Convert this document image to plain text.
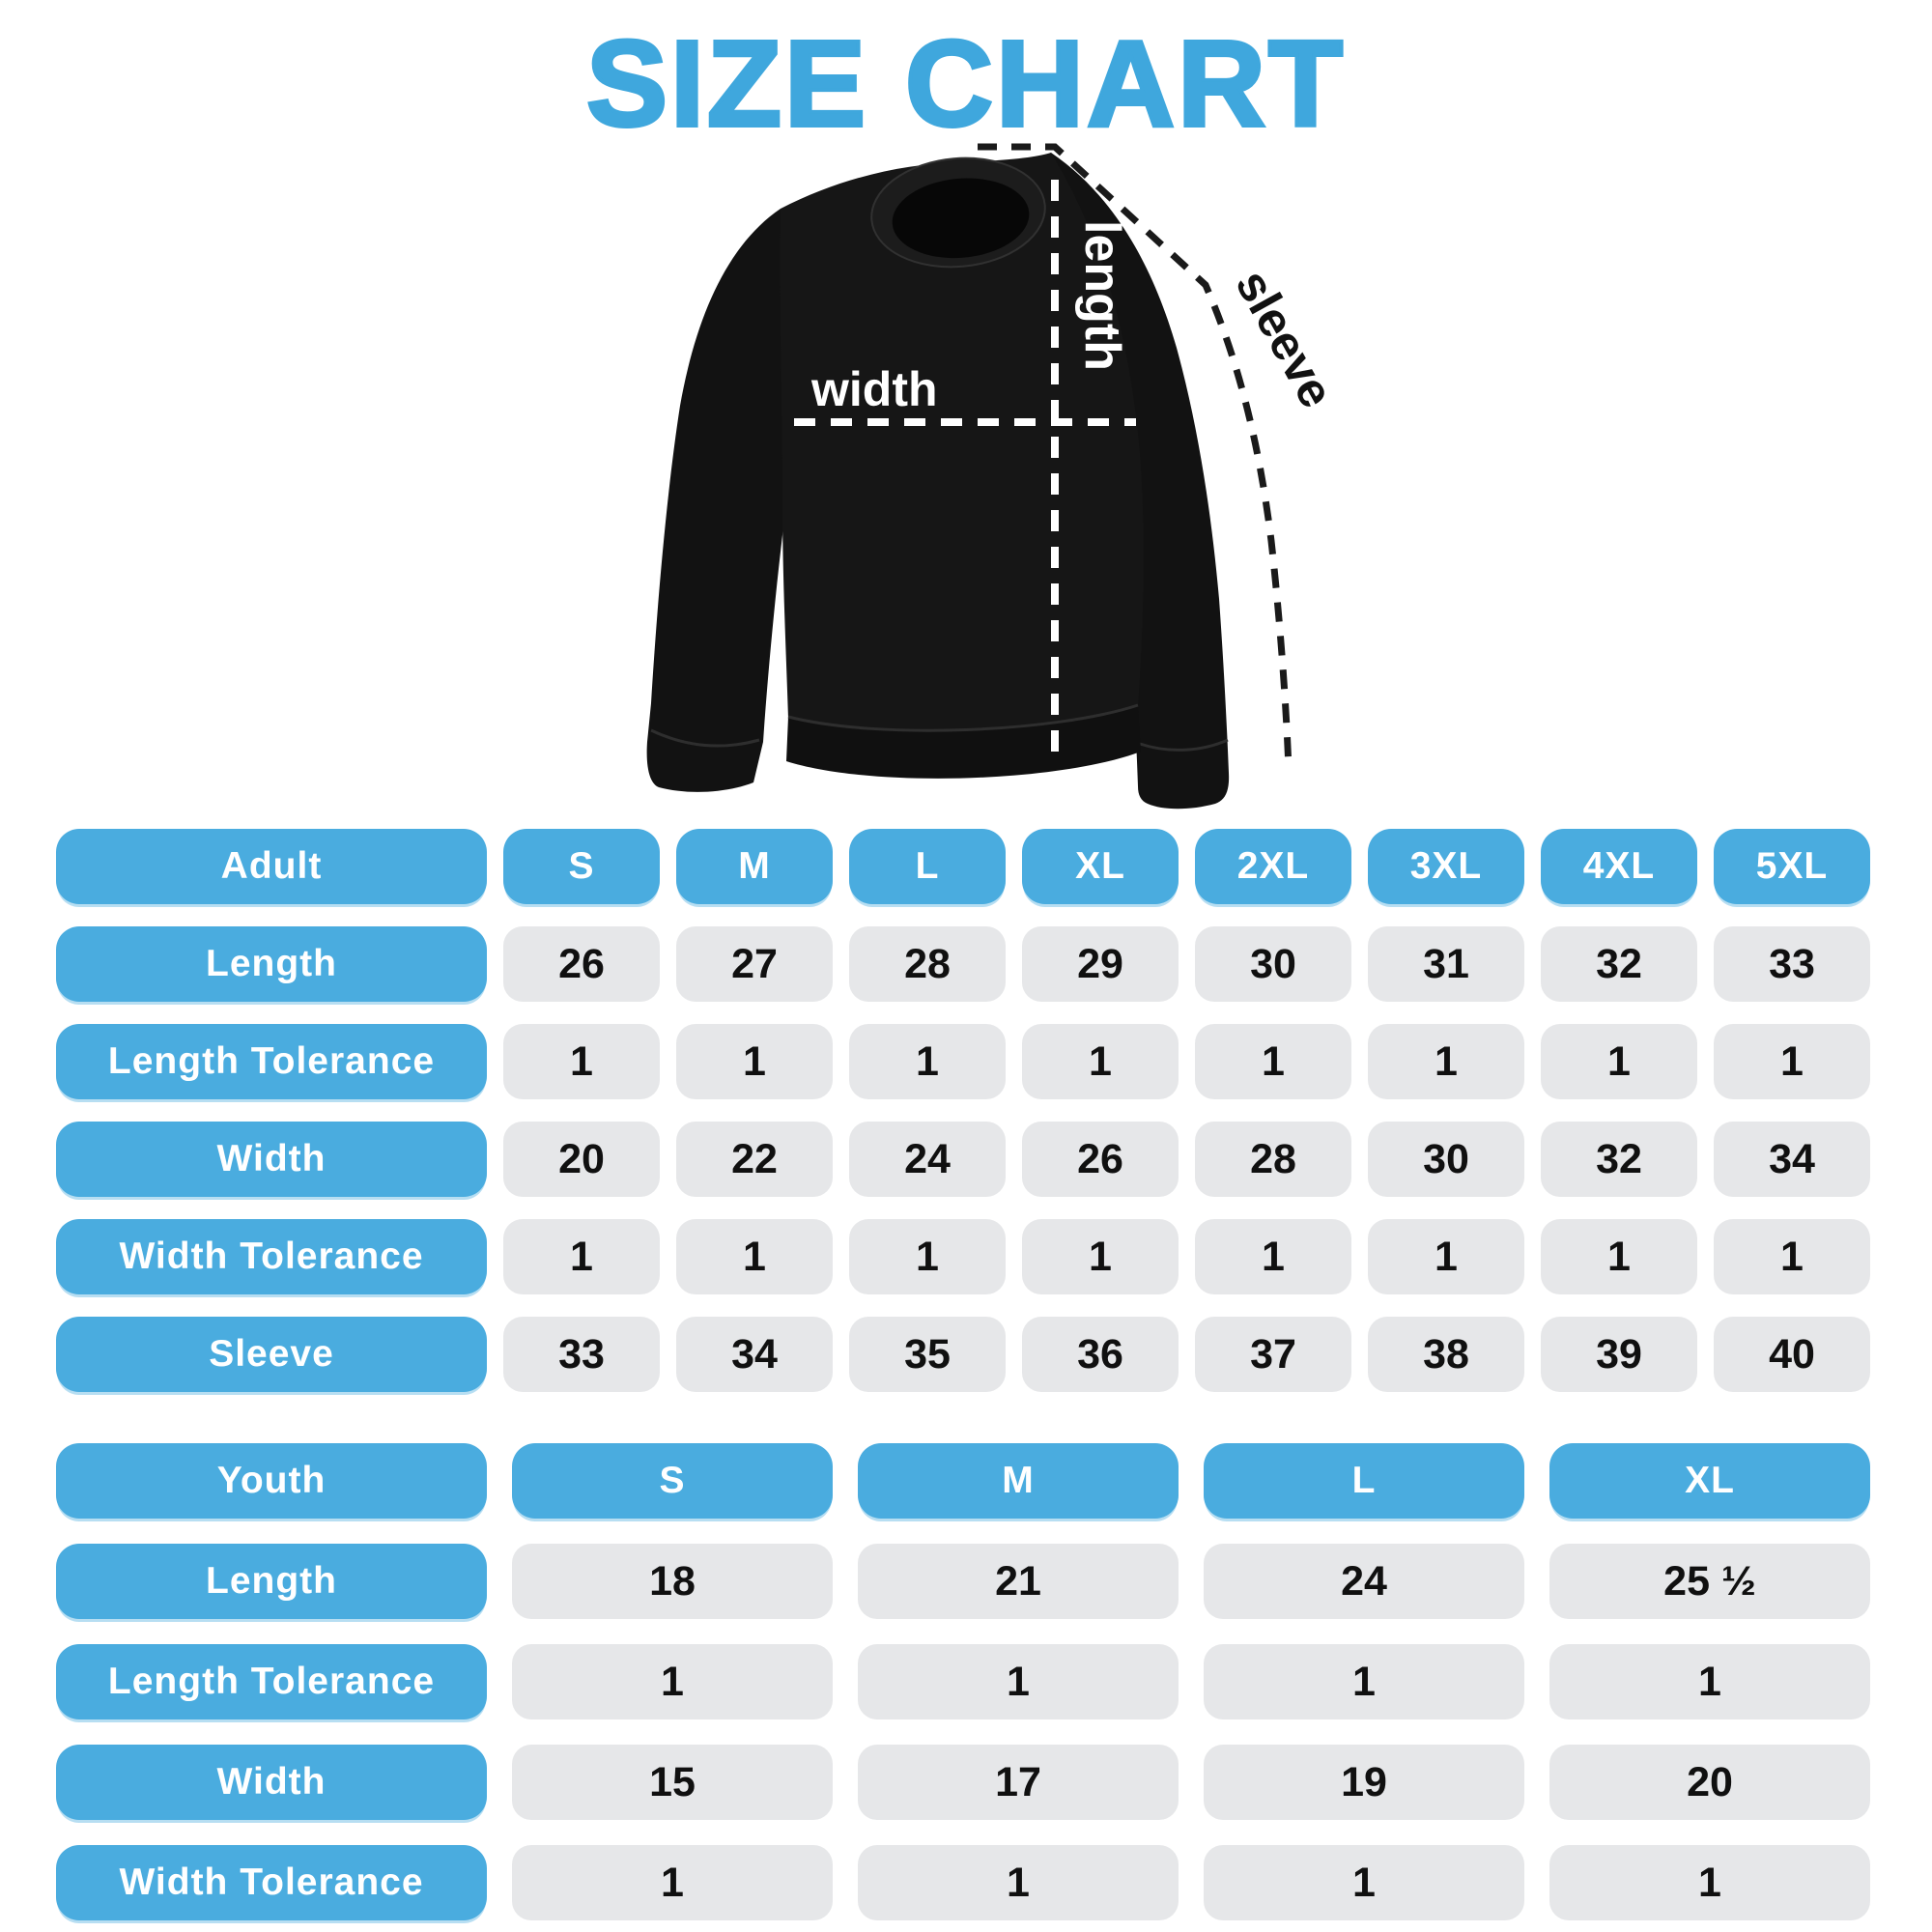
SIZE CHART
width
length sleeve
Adult	S	M	L	XL	2XL	3XL	4XL	5XL
Length	26	27	28	29	30	31	32	33
Length Tolerance	1	1	1	1	1	1	1	1
Width	20	22	24	26	28	30	32	34
Width Tolerance	1	1	1	1	1	1	1	1
Sleeve	33	34	35	36	37	38	39	40
Youth	S	M	L	XL
Length	18	21	24	25 ½
Length Tolerance	1	1	1	1
Width	15	17	19	20
Width Tolerance	1	1	1	1
